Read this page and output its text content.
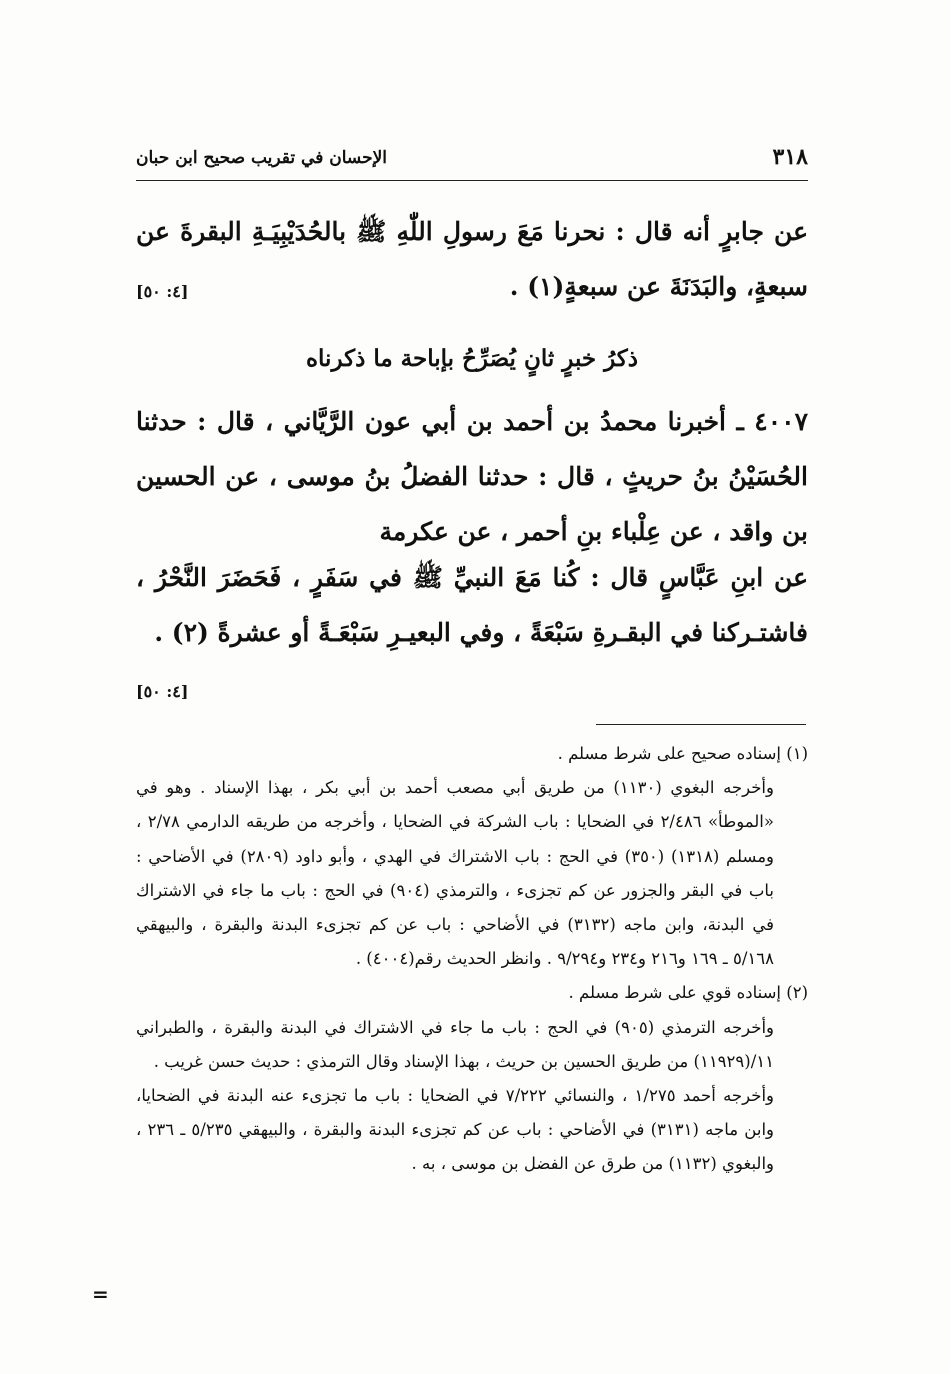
٣١٨
الإحسان في تقريب صحيح ابن حبان
عن جابرٍ أنه قال : نحرنا مَعَ رسولِ اللّٰهِ ﷺ بالحُدَيْبِيَـةِ البقرةَ عن سبعةٍ، والبَدَنَةَ عن سبعةٍ(١) .
[٤: ٥٠]
ذكرُ خبرٍ ثانٍ يُصَرِّحُ بإباحة ما ذكرناه
٤٠٠٧ ـ أخبرنا محمدُ بن أحمد بن أبي عون الرَّيَّاني ، قال : حدثنا الحُسَيْنُ بنُ حريثٍ ، قال : حدثنا الفضلُ بنُ موسى ، عن الحسين بن واقد ، عن عِلْباء بنِ أحمر ، عن عكرمة
عن ابنِ عَبَّاسٍ قال : كُنا مَعَ النبيِّ ﷺ في سَفَرٍ ، فَحَضَرَ النَّحْرُ ، فاشتـركنا في البقـرةِ سَبْعَةً ، وفي البعيـرِ سَبْعَـةً أو عشرةً (٢) .
[٤: ٥٠]

(١) إسناده صحيح على شرط مسلم .

وأخرجه البغوي (١١٣٠) من طريق أبي مصعب أحمد بن أبي بكر ، بهذا الإسناد . وهو في «الموطأ» ٢/٤٨٦ في الضحايا : باب الشركة في الضحايا ، وأخرجه من طريقه الدارمي ٢/٧٨ ، ومسلم (١٣١٨) (٣٥٠) في الحج : باب الاشتراك في الهدي ، وأبو داود (٢٨٠٩) في الأضاحي : باب في البقر والجزور عن كم تجزىء ، والترمذي (٩٠٤) في الحج : باب ما جاء في الاشتراك في البدنة، وابن ماجه (٣١٣٢) في الأضاحي : باب عن كم تجزىء البدنة والبقرة ، والبيهقي ٥/١٦٨ ـ ١٦٩ و٢١٦ و٢٣٤ و٩/٢٩٤ . وانظر الحديث رقم(٤٠٠٤) .

(٢) إسناده قوي على شرط مسلم .

وأخرجه الترمذي (٩٠٥) في الحج : باب ما جاء في الاشتراك في البدنة والبقرة ، والطبراني ١١/(١١٩٢٩) من طريق الحسين بن حريث ، بهذا الإسناد وقال الترمذي : حديث حسن غريب .

وأخرجه أحمد ١/٢٧٥ ، والنسائي ٧/٢٢٢ في الضحايا : باب ما تجزىء عنه البدنة في الضحايا، وابن ماجه (٣١٣١) في الأضاحي : باب عن كم تجزىء البدنة والبقرة ، والبيهقي ٥/٢٣٥ ـ ٢٣٦ ، والبغوي (١١٣٢) من طرق عن الفضل بن موسى ، به .

=
